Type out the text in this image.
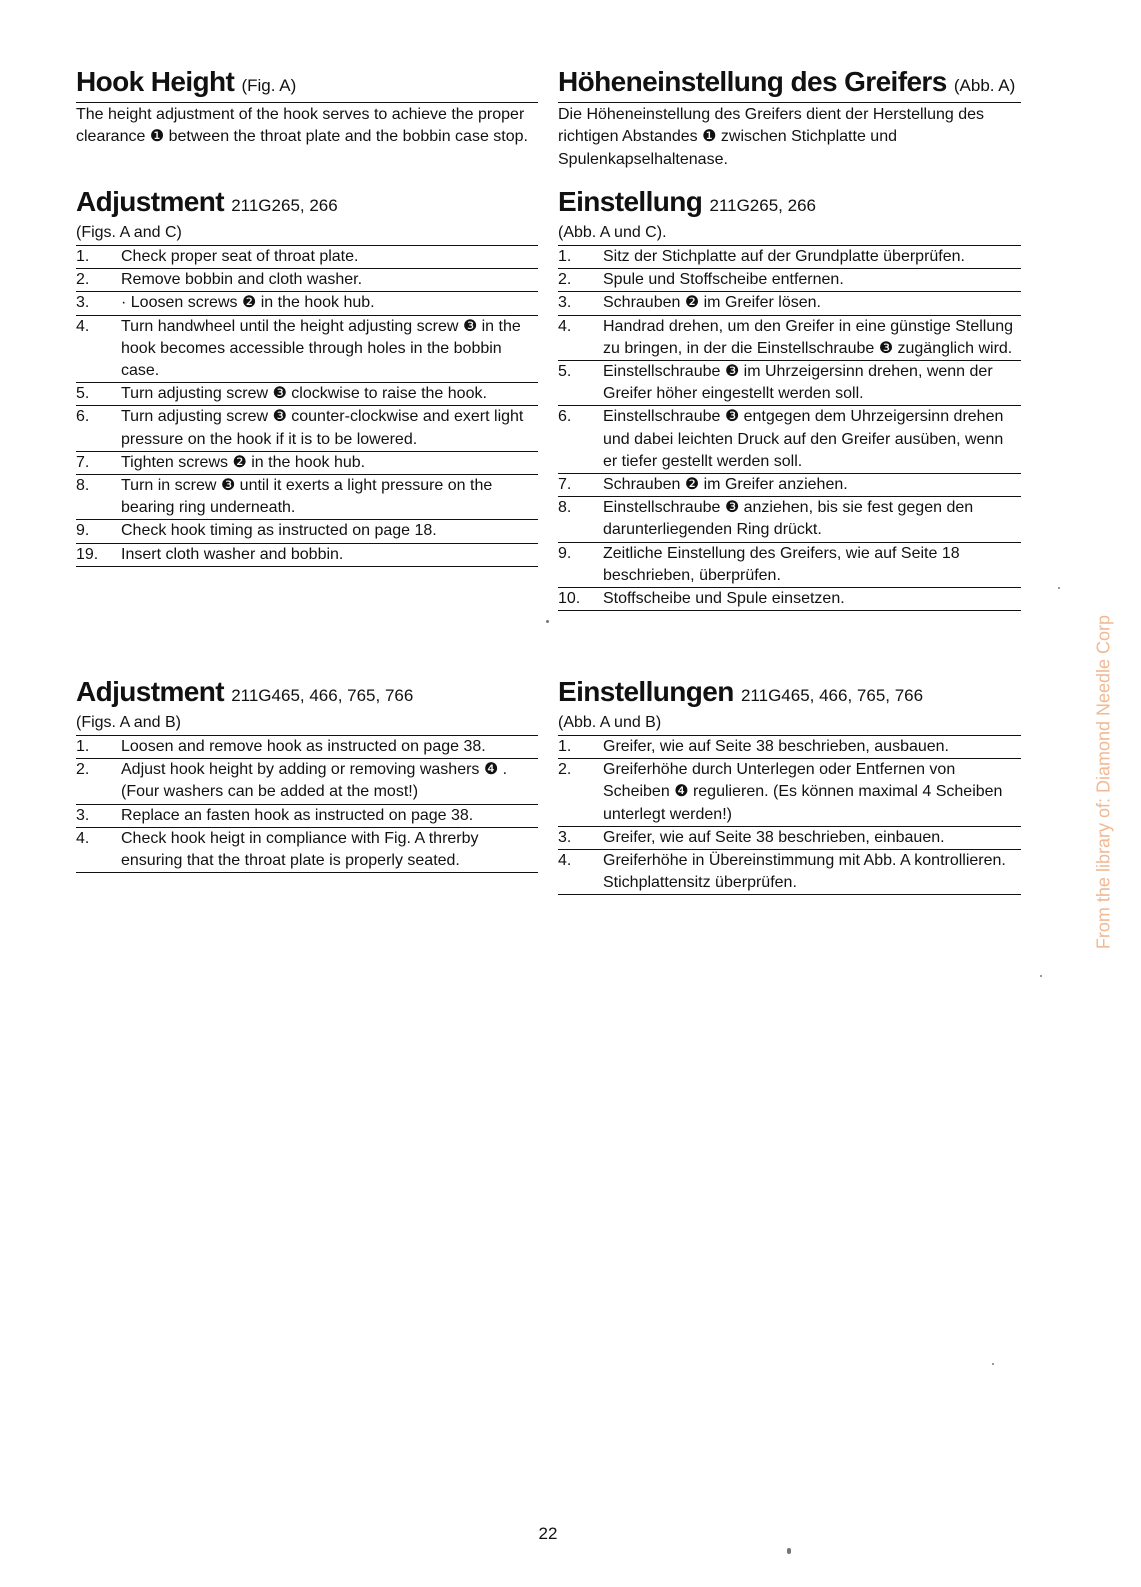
Hook Height (Fig. A)
The height adjustment of the hook serves to achieve the proper clearance ❶ between the throat plate and the bobbin case stop.
Adjustment 211G265, 266
(Figs. A and C)
1.	Check proper seat of throat plate.
2.	Remove bobbin and cloth washer.
3.	· Loosen screws ❷ in the hook hub.
4.	Turn handwheel until the height adjusting screw ❸ in the hook becomes accessible through holes in the bobbin case.
5.	Turn adjusting screw ❸ clockwise to raise the hook.
6.	Turn adjusting screw ❸ counter-clockwise and exert light pressure on the hook if it is to be lowered.
7.	Tighten screws ❷ in the hook hub.
8.	Turn in screw ❸ until it exerts a light pressure on the bearing ring underneath.
9.	Check hook timing as instructed on page 18.
19.	Insert cloth washer and bobbin.
Adjustment 211G465, 466, 765, 766
(Figs. A and B)
1.	Loosen and remove hook as instructed on page 38.
2.	Adjust hook height by adding or removing washers ❹ . (Four washers can be added at the most!)
3.	Replace an fasten hook as instructed on page 38.
4.	Check hook heigt in compliance with Fig. A threrby ensuring that the throat plate is properly seated.
Höheneinstellung des Greifers (Abb. A)
Die Höheneinstellung des Greifers dient der Herstellung des richtigen Abstandes ❶ zwischen Stichplatte und Spulenkapselhaltenase.
Einstellung 211G265, 266
(Abb. A und C).
1.	Sitz der Stichplatte auf der Grundplatte überprüfen.
2.	Spule und Stoffscheibe entfernen.
3.	Schrauben ❷ im Greifer lösen.
4.	Handrad drehen, um den Greifer in eine günstige Stellung zu bringen, in der die Einstellschraube ❸ zugänglich wird.
5.	Einstellschraube ❸ im Uhrzeigersinn drehen, wenn der Greifer höher eingestellt werden soll.
6.	Einstellschraube ❸ entgegen dem Uhrzeigersinn drehen und dabei leichten Druck auf den Greifer ausüben, wenn er tiefer gestellt werden soll.
7.	Schrauben ❷ im Greifer anziehen.
8.	Einstellschraube ❸ anziehen, bis sie fest gegen den darunterliegenden Ring drückt.
9.	Zeitliche Einstellung des Greifers, wie auf Seite 18 beschrieben, überprüfen.
10.	Stoffscheibe und Spule einsetzen.
Einstellungen 211G465, 466, 765, 766
(Abb. A und B)
1.	Greifer, wie auf Seite 38 beschrieben, ausbauen.
2.	Greiferhöhe durch Unterlegen oder Entfernen von Scheiben ❹ regulieren. (Es können maximal 4 Scheiben unterlegt werden!)
3.	Greifer, wie auf Seite 38 beschrieben, einbauen.
4.	Greiferhöhe in Übereinstimmung mit Abb. A kontrollieren. Stichplattensitz überprüfen.
22
From the library of: Diamond Needle Corp
